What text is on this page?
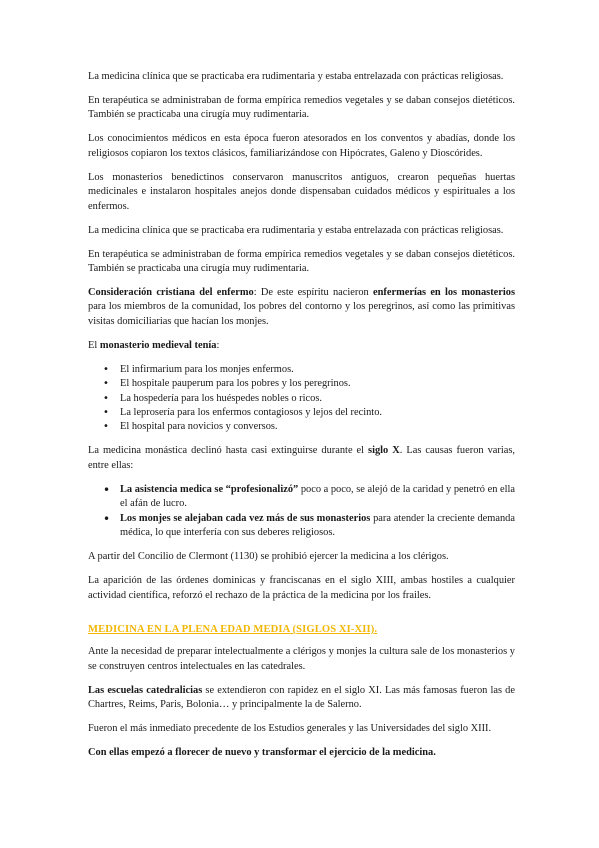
La medicina clínica que se practicaba era rudimentaria y estaba entrelazada con prácticas religiosas.

En terapéutica se administraban de forma empírica remedios vegetales y se daban consejos dietéticos. También se practicaba una cirugía muy rudimentaria.

Los conocimientos médicos en esta época fueron atesorados en los conventos y abadías, donde los religiosos copiaron los textos clásicos, familiarizándose con Hipócrates, Galeno y Dioscórides.

Los monasterios benedictinos conservaron manuscritos antiguos, crearon pequeñas huertas medicinales e instalaron hospitales anejos donde dispensaban cuidados médicos y espirituales a los enfermos.

La medicina clínica que se practicaba era rudimentaria y estaba entrelazada con prácticas religiosas.

En terapéutica se administraban de forma empírica remedios vegetales y se daban consejos dietéticos. También se practicaba una cirugía muy rudimentaria.

Consideración cristiana del enfermo: De este espíritu nacieron enfermerías en los monasterios para los miembros de la comunidad, los pobres del contorno y los peregrinos, así como las primitivas visitas domiciliarias que hacían los monjes.

El monasterio medieval tenía:

• El infirmarium para los monjes enfermos.
• El hospitale pauperum para los pobres y los peregrinos.
• La hospedería para los huéspedes nobles o ricos.
• La leprosería para los enfermos contagiosos y lejos del recinto.
• El hospital para novicios y conversos.

La medicina monástica declinó hasta casi extinguirse durante el siglo X. Las causas fueron varias, entre ellas:

• La asistencia medica se “profesionalizó” poco a poco, se alejó de la caridad y penetró en ella el afán de lucro.
• Los monjes se alejaban cada vez más de sus monasterios para atender la creciente demanda médica, lo que interfería con sus deberes religiosos.

A partir del Concilio de Clermont (1130) se prohibió ejercer la medicina a los clérigos.

La aparición de las órdenes dominicas y franciscanas en el siglo XIII, ambas hostiles a cualquier actividad científica, reforzó el rechazo de la práctica de la medicina por los frailes.

MEDICINA EN LA PLENA EDAD MEDIA (SIGLOS XI-XII).

Ante la necesidad de preparar intelectualmente a clérigos y monjes la cultura sale de los monasterios y se construyen centros intelectuales en las catedrales.

Las escuelas catedralicias se extendieron con rapidez en el siglo XI. Las más famosas fueron las de Chartres, Reims, Paris, Bolonia… y principalmente la de Salerno.

Fueron el más inmediato precedente de los Estudios generales y las Universidades del siglo XIII.

Con ellas empezó a florecer de nuevo y transformar el ejercicio de la medicina.
